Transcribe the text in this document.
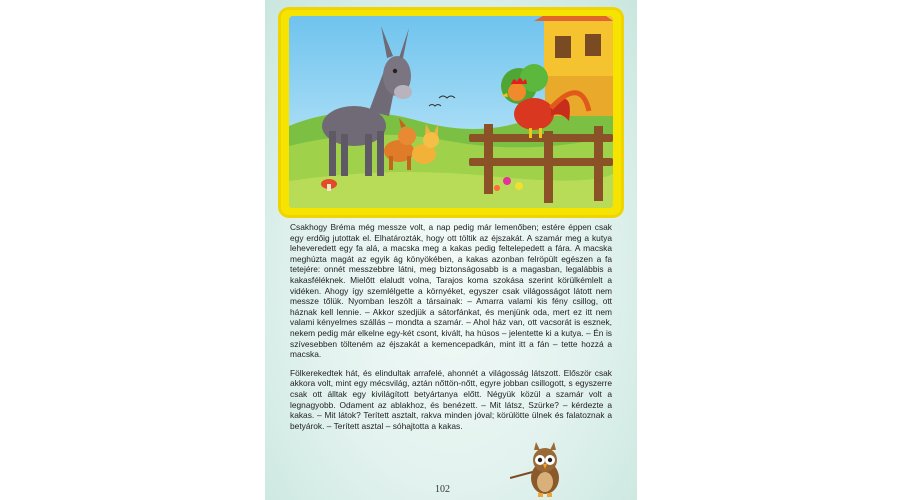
Csakhogy Bréma még messze volt, a nap pedig már lemenőben; estére éppen csak egy erdőig jutottak el. Elhatározták, hogy ott töltik az éjszakát. A szamár meg a kutya leheveredett egy fa alá, a macska meg a kakas pedig feltelepedett a fára. A macska meghúzta magát az egyik ág könyökében, a kakas azonban felröpült egészen a fa tetejére: onnét messzebbre látni, meg biztonságosabb is a magasban, legalábbis a kakasféléknek. Mielőtt elaludt volna, Tarajos koma szokása szerint körülkémlelt a vidéken. Ahogy így szemlélgette a környéket, egyszer csak világosságot látott nem messze tőlük. Nyomban leszólt a társainak: – Amarra valami kis fény csillog, ott háznak kell lennie. – Akkor szedjük a sátorfánkat, és menjünk oda, mert ez itt nem valami kényelmes szállás – mondta a szamár. – Ahol ház van, ott vacsorát is esznek, nekem pedig már elkelne egy-két csont, kivált, ha húsos – jelentette ki a kutya. – Én is szívesebben tölteném az éjszakát a kemencepadkán, mint itt a fán – tette hozzá a macska.

Fölkerekedtek hát, és elindultak arrafelé, ahonnét a világosság látszott. Először csak akkora volt, mint egy mécsvilág, aztán nőttön-nőtt, egyre jobban csillogott, s egyszerre csak ott álltak egy kivilágított betyártanya előtt. Négyük közül a szamár volt a legnagyobb. Odament az ablakhoz, és benézett. – Mit látsz, Szürke? – kérdezte a kakas. – Mit látok? Terített asztalt, rakva minden jóval; körülötte ülnek és falatoznak a betyárok. – Terített asztal – sóhajtotta a kakas.

102
